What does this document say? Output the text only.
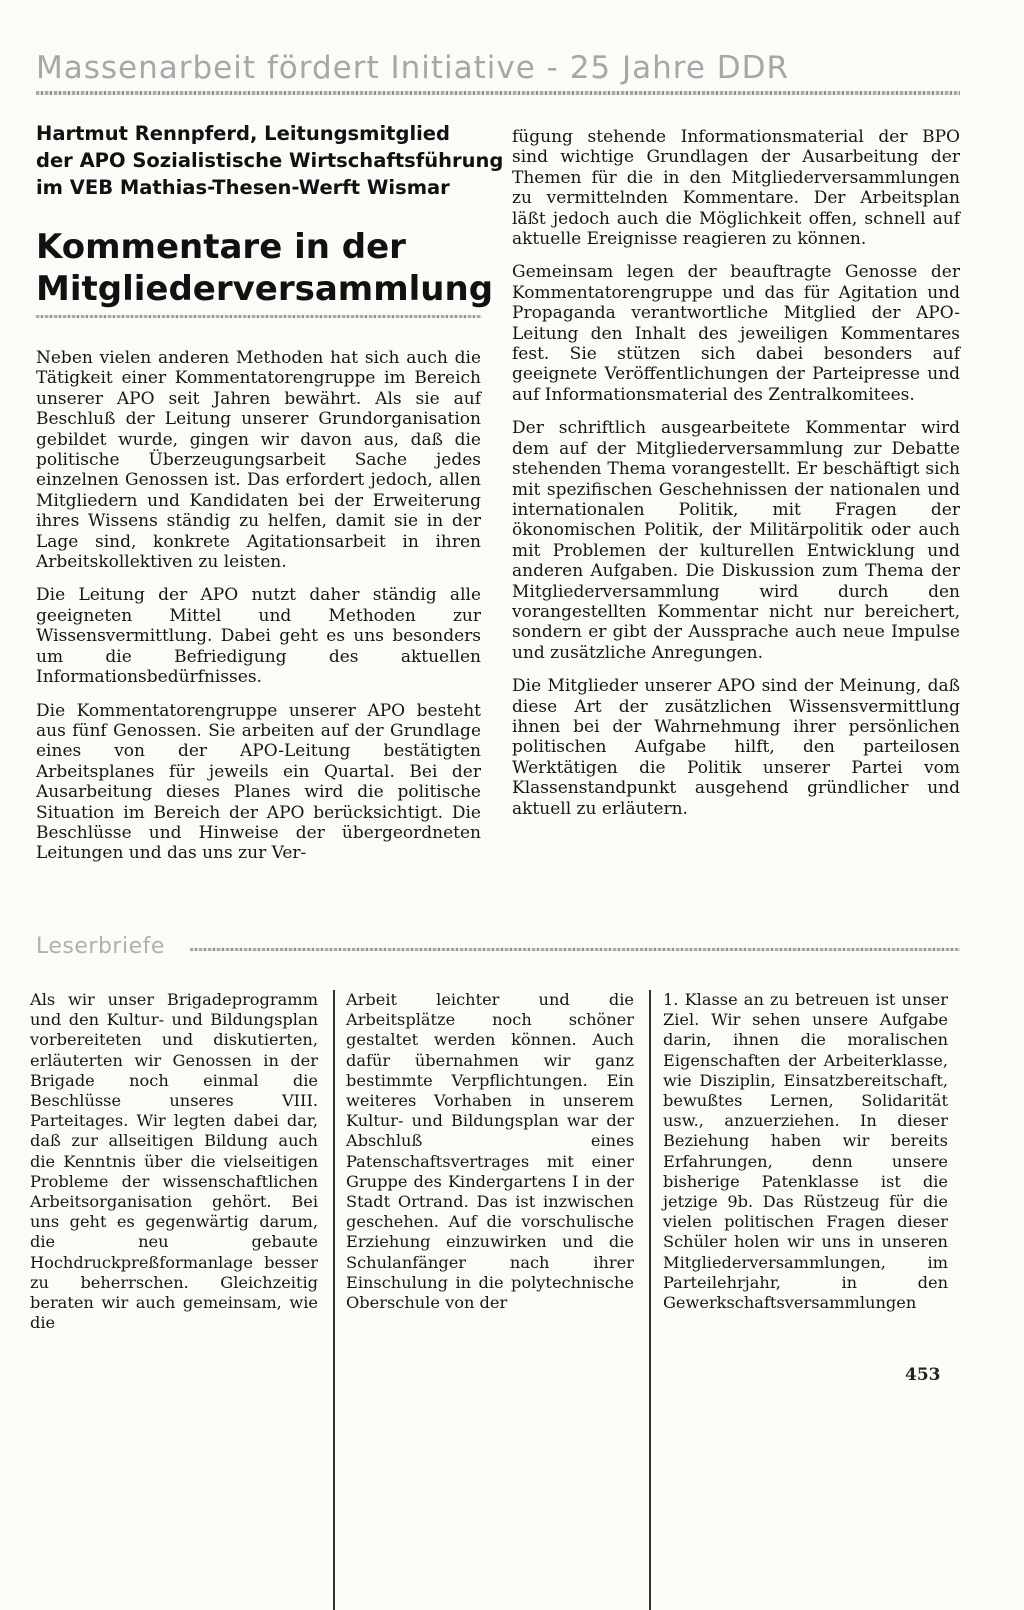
Massenarbeit fördert Initiative - 25 Jahre DDR
Hartmut Rennpferd, Leitungsmitglied
der APO Sozialistische Wirtschaftsführung
im VEB Mathias-Thesen-Werft Wismar
Kommentare in der
Mitgliederversammlung

Neben vielen anderen Methoden hat sich auch die Tätigkeit einer Kommentatorengruppe im Bereich unserer APO seit Jahren bewährt. Als sie auf Beschluß der Leitung unserer Grundorganisation gebildet wurde, gingen wir davon aus, daß die politische Überzeugungsarbeit Sache jedes einzelnen Genossen ist. Das erfordert jedoch, allen Mitgliedern und Kandidaten bei der Erweiterung ihres Wissens ständig zu helfen, damit sie in der Lage sind, konkrete Agitationsarbeit in ihren Arbeitskollektiven zu leisten.

Die Leitung der APO nutzt daher ständig alle geeigneten Mittel und Methoden zur Wissensvermittlung. Dabei geht es uns besonders um die Befriedigung des aktuellen Informationsbedürfnisses.

Die Kommentatorengruppe unserer APO besteht aus fünf Genossen. Sie arbeiten auf der Grundlage eines von der APO-Leitung bestätigten Arbeitsplanes für jeweils ein Quartal. Bei der Ausarbeitung dieses Planes wird die politische Situation im Bereich der APO berücksichtigt. Die Beschlüsse und Hinweise der übergeordneten Leitungen und das uns zur Ver-

fügung stehende Informationsmaterial der BPO sind wichtige Grundlagen der Ausarbeitung der Themen für die in den Mitgliederversammlungen zu vermittelnden Kommentare. Der Arbeitsplan läßt jedoch auch die Möglichkeit offen, schnell auf aktuelle Ereignisse reagieren zu können.

Gemeinsam legen der beauftragte Genosse der Kommentatorengruppe und das für Agitation und Propaganda verantwortliche Mitglied der APO-Leitung den Inhalt des jeweiligen Kommentares fest. Sie stützen sich dabei besonders auf geeignete Veröffentlichungen der Parteipresse und auf Informationsmaterial des Zentralkomitees.

Der schriftlich ausgearbeitete Kommentar wird dem auf der Mitgliederversammlung zur Debatte stehenden Thema vorangestellt. Er beschäftigt sich mit spezifischen Geschehnissen der nationalen und internationalen Politik, mit Fragen der ökonomischen Politik, der Militärpolitik oder auch mit Problemen der kulturellen Entwicklung und anderen Aufgaben. Die Diskussion zum Thema der Mitgliederversammlung wird durch den vorangestellten Kommentar nicht nur bereichert, sondern er gibt der Aussprache auch neue Impulse und zusätzliche Anregungen.

Die Mitglieder unserer APO sind der Meinung, daß diese Art der zusätzlichen Wissensvermittlung ihnen bei der Wahrnehmung ihrer persönlichen politischen Aufgabe hilft, den parteilosen Werktätigen die Politik unserer Partei vom Klassenstandpunkt ausgehend gründlicher und aktuell zu erläutern.

Leserbriefe

Als wir unser Brigadeprogramm und den Kultur- und Bildungsplan vorbereiteten und diskutierten, erläuterten wir Genossen in der Brigade noch einmal die Beschlüsse unseres VIII. Parteitages. Wir legten dabei dar, daß zur allseitigen Bildung auch die Kenntnis über die vielseitigen Probleme der wissenschaftlichen Arbeitsorganisation gehört. Bei uns geht es gegenwärtig darum, die neu gebaute Hochdruckpreßformanlage besser zu beherrschen. Gleichzeitig beraten wir auch gemeinsam, wie die

Arbeit leichter und die Arbeitsplätze noch schöner gestaltet werden können. Auch dafür übernahmen wir ganz bestimmte Verpflichtungen. Ein weiteres Vorhaben in unserem Kultur- und Bildungsplan war der Abschluß eines Patenschaftsvertrages mit einer Gruppe des Kindergartens I in der Stadt Ortrand. Das ist inzwischen geschehen. Auf die vorschulische Erziehung einzuwirken und die Schulanfänger nach ihrer Einschulung in die polytechnische Oberschule von der

1. Klasse an zu betreuen ist unser Ziel. Wir sehen unsere Aufgabe darin, ihnen die moralischen Eigenschaften der Arbeiterklasse, wie Disziplin, Einsatzbereitschaft, bewußtes Lernen, Solidarität usw., anzuerziehen. In dieser Beziehung haben wir bereits Erfahrungen, denn unsere bisherige Patenklasse ist die jetzige 9b. Das Rüstzeug für die vielen politischen Fragen dieser Schüler holen wir uns in unseren Mitgliederversammlungen, im Parteilehrjahr, in den Gewerkschaftsversammlungen

453
